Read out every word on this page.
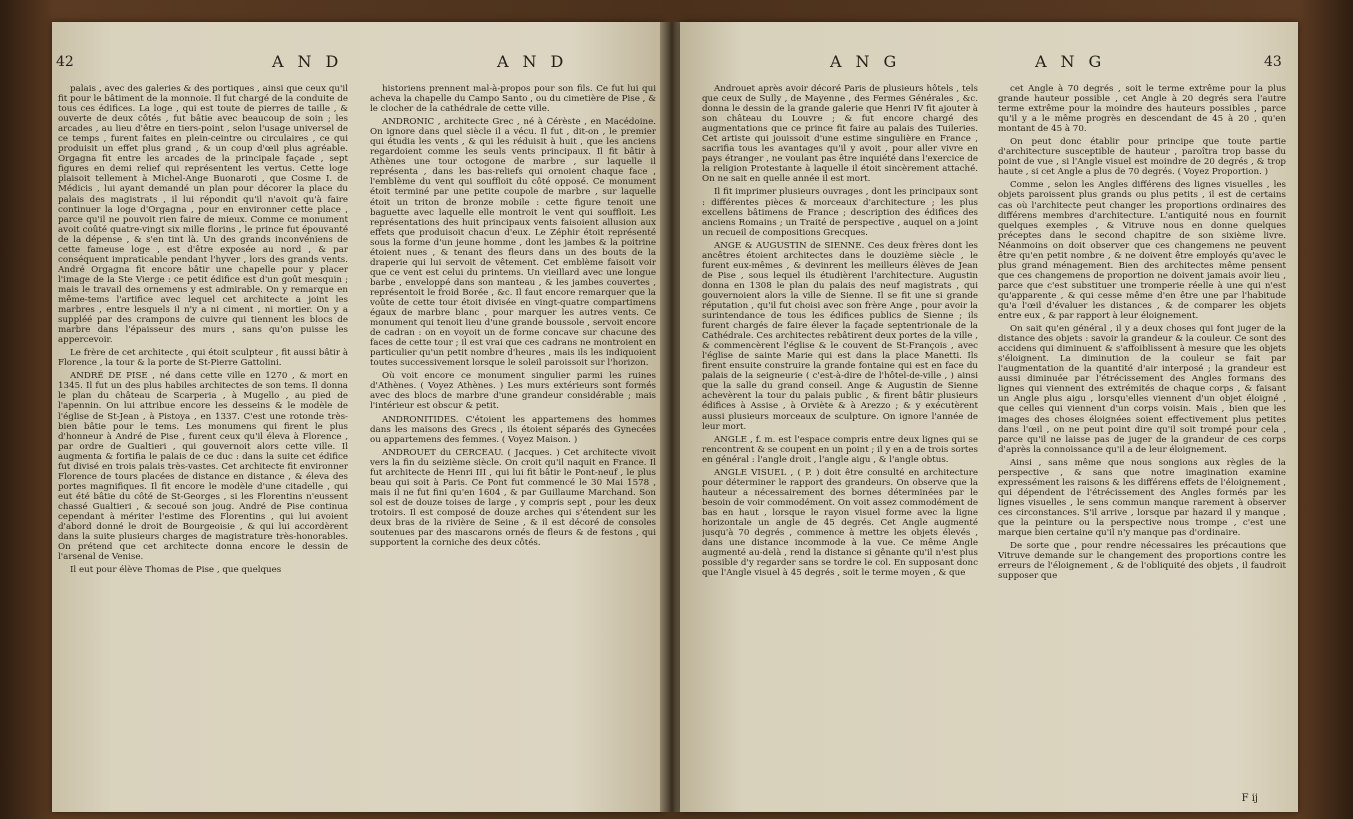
42	AND	AND

palais , avec des galeries & des portiques , ainsi que ceux qu'il fit pour le bâtiment de la monnoie. Il fut chargé de la conduite de tous ces édifices. La loge , qui est toute de pierres de taille , & ouverte de deux côtés , fut bâtie avec beaucoup de soin ; les arcades , au lieu d'être en tiers-point , selon l'usage universel de ce temps , furent faites en plein-ceintre ou circulaires , ce qui produisit un effet plus grand , & un coup d'œil plus agréable. Orgagna fit entre les arcades de la principale façade , sept figures en demi relief qui représentent les vertus. Cette loge plaisoit tellement à Michel-Ange Buonaroti , que Cosme I. de Médicis , lui ayant demandé un plan pour décorer la place du palais des magistrats , il lui répondit qu'il n'avoit qu'à faire continuer la loge d'Orgagna , pour en environner cette place , parce qu'il ne pouvoit rien faire de mieux. Comme ce monument avoit coûté quatre-vingt six mille florins , le prince fut épouvanté de la dépense , & s'en tint là. Un des grands inconvéniens de cette fameuse loge , est d'être exposée au nord , & par conséquent impraticable pendant l'hyver , lors des grands vents. André Orgagna fit encore bâtir une chapelle pour y placer l'image de la Ste Vierge : ce petit édifice est d'un goût mesquin ; mais le travail des ornemens y est admirable. On y remarque en même-tems l'artifice avec lequel cet architecte a joint les marbres , entre lesquels il n'y a ni ciment , ni mortier. On y a suppléé par des crampons de cuivre qui tiennent les blocs de marbre dans l'épaisseur des murs , sans qu'on puisse les appercevoir.

Le frère de cet architecte , qui étoit sculpteur , fit aussi bâtir à Florence , la tour & la porte de St-Pierre Gattolini.

ANDRÉ DE PISE , né dans cette ville en 1270 , & mort en 1345. Il fut un des plus habiles architectes de son tems. Il donna le plan du château de Scarperia , à Mugello , au pied de l'apennin. On lui attribue encore les desseins & le modèle de l'église de St-Jean , à Pistoya , en 1337. C'est une rotonde très-bien bâtie pour le tems. Les monumens qui firent le plus d'honneur à André de Pise , furent ceux qu'il éleva à Florence , par ordre de Gualtieri , qui gouvernoit alors cette ville. Il augmenta & fortifia le palais de ce duc : dans la suite cet édifice fut divisé en trois palais très-vastes. Cet architecte fit environner Florence de tours placées de distance en distance , & éleva des portes magnifiques. Il fit encore le modèle d'une citadelle , qui eut été bâtie du côté de St-Georges , si les Florentins n'eussent chassé Gualtieri , & secoué son joug. André de Pise continua cependant à mériter l'estime des Florentins , qui lui avoient d'abord donné le droit de Bourgeoisie , & qui lui accordèrent dans la suite plusieurs charges de magistrature très-honorables. On prétend que cet architecte donna encore le dessin de l'arsenal de Venise.

Il eut pour élève Thomas de Pise , que quelques

historiens prennent mal-à-propos pour son fils. Ce fut lui qui acheva la chapelle du Campo Santo , ou du cimetière de Pise , & le clocher de la cathédrale de cette ville.

ANDRONIC , architecte Grec , né à Cérèste , en Macédoine. On ignore dans quel siècle il a vécu. Il fut , dit-on , le premier qui étudia les vents , & qui les réduisit à huit , que les anciens regardoient comme les seuls vents principaux. Il fit bâtir à Athènes une tour octogone de marbre , sur laquelle il représenta , dans les bas-reliefs qui ornoient chaque face , l'emblème du vent qui souffloit du côté opposé. Ce monument étoit terminé par une petite coupole de marbre , sur laquelle étoit un triton de bronze mobile : cette figure tenoit une baguette avec laquelle elle montroit le vent qui souffloit. Les représentations des huit principaux vents faisoient allusion aux effets que produisoit chacun d'eux. Le Zéphir étoit représenté sous la forme d'un jeune homme , dont les jambes & la poitrine étoient nues , & tenant des fleurs dans un des bouts de la draperie qui lui servoit de vêtement. Cet emblème faisoit voir que ce vent est celui du printems. Un vieillard avec une longue barbe , enveloppé dans son manteau , & les jambes couvertes , représentoit le froid Borée , &c. Il faut encore remarquer que la voûte de cette tour étoit divisée en vingt-quatre compartimens égaux de marbre blanc , pour marquer les autres vents. Ce monument qui tenoit lieu d'une grande boussole , servoit encore de cadran : on en voyoit un de forme concave sur chacune des faces de cette tour ; il est vrai que ces cadrans ne montroient en particulier qu'un petit nombre d'heures , mais ils les indiquoient toutes successivement lorsque le soleil paroissoit sur l'horizon.

Où voit encore ce monument singulier parmi les ruines d'Athènes. ( Voyez Athènes. ) Les murs extérieurs sont formés avec des blocs de marbre d'une grandeur considérable ; mais l'intérieur est obscur & petit.

ANDRONITIDES. C'étoient les appartemens des hommes dans les maisons des Grecs , ils étoient séparés des Gynecées ou appartemens des femmes. ( Voyez Maison. )

ANDROUET du CERCEAU. ( Jacques. ) Cet architecte vivoit vers la fin du seizième siècle. On croit qu'il naquit en France. Il fut architecte de Henri III , qui lui fit bâtir le Pont-neuf , le plus beau qui soit à Paris. Ce Pont fut commencé le 30 Mai 1578 , mais il ne fut fini qu'en 1604 , & par Guillaume Marchand. Son sol est de douze toises de large , y compris sept , pour les deux trotoirs. Il est composé de douze arches qui s'étendent sur les deux bras de la rivière de Seine , & il est décoré de consoles soutenues par des mascarons ornés de fleurs & de festons , qui supportent la corniche des deux côtés.

ANG	ANG	43

Androuet après avoir décoré Paris de plusieurs hôtels , tels que ceux de Sully , de Mayenne , des Fermes Générales , &c. donna le dessin de la grande galerie que Henri IV fit ajouter à son château du Louvre ; & fut encore chargé des augmentations que ce prince fit faire au palais des Tuileries. Cet artiste qui jouissoit d'une estime singulière en France , sacrifia tous les avantages qu'il y avoit , pour aller vivre en pays étranger , ne voulant pas être inquiété dans l'exercice de la religion Protestante à laquelle il étoit sincèrement attaché. On ne sait en quelle année il est mort.

Il fit imprimer plusieurs ouvrages , dont les principaux sont : différentes pièces & morceaux d'architecture ; les plus excellens bâtimens de France ; description des édifices des anciens Romains ; un Traité de perspective , auquel on a joint un recueil de compositions Grecques.

ANGE & AUGUSTIN de SIENNE. Ces deux frères dont les ancêtres étoient architectes dans le douzième siècle , le furent eux-mêmes , & devinrent les meilleurs élèves de Jean de Pise , sous lequel ils étudièrent l'architecture. Augustin donna en 1308 le plan du palais des neuf magistrats , qui gouvernoient alors la ville de Sienne. Il se fit une si grande réputation , qu'il fut choisi avec son frère Ange , pour avoir la surintendance de tous les édifices publics de Sienne ; ils furent chargés de faire élever la façade septentrionale de la Cathédrale. Ces architectes rebâtirent deux portes de la ville , & commencèrent l'église & le couvent de St-François , avec l'église de sainte Marie qui est dans la place Manetti. Ils firent ensuite construire la grande fontaine qui est en face du palais de la seigneurie ( c'est-à-dire de l'hôtel-de-ville , ) ainsi que la salle du grand conseil. Ange & Augustin de Sienne achevèrent la tour du palais public , & firent bâtir plusieurs édifices à Assise , à Orviète & à Arezzo ; & y exécutèrent aussi plusieurs morceaux de sculpture. On ignore l'année de leur mort.

ANGLE , f. m. est l'espace compris entre deux lignes qui se rencontrent & se coupent en un point ; il y en a de trois sortes en général : l'angle droit , l'angle aigu , & l'angle obtus.

ANGLE VISUEL , ( P. ) doit être consulté en architecture pour déterminer le rapport des grandeurs. On observe que la hauteur a nécessairement des bornes déterminées par le besoin de voir commodément. On voit assez commodément de bas en haut , lorsque le rayon visuel forme avec la ligne horizontale un angle de 45 degrés. Cet Angle augmenté jusqu'à 70 degrés , commence à mettre les objets élevés , dans une distance incommode à la vue. Ce même Angle augmenté au-delà , rend la distance si gênante qu'il n'est plus possible d'y regarder sans se tordre le col. En supposant donc que l'Angle visuel à 45 degrés , soit le terme moyen , & que

cet Angle à 70 degrés , soit le terme extrême pour la plus grande hauteur possible , cet Angle à 20 degrés sera l'autre terme extrême pour la moindre des hauteurs possibles , parce qu'il y a le même progrès en descendant de 45 à 20 , qu'en montant de 45 à 70.

On peut donc établir pour principe que toute partie d'architecture susceptible de hauteur , paroîtra trop basse du point de vue , si l'Angle visuel est moindre de 20 degrés , & trop haute , si cet Angle a plus de 70 degrés. ( Voyez Proportion. )

Comme , selon les Angles différens des lignes visuelles , les objets paroissent plus grands ou plus petits , il est de certains cas où l'architecte peut changer les proportions ordinaires des différens membres d'architecture. L'antiquité nous en fournit quelques exemples , & Vitruve nous en donne quelques préceptes dans le second chapitre de son sixième livre. Néanmoins on doit observer que ces changemens ne peuvent être qu'en petit nombre , & ne doivent être employés qu'avec le plus grand ménagement. Bien des architectes même pensent que ces changemens de proportion ne doivent jamais avoir lieu , parce que c'est substituer une tromperie réelle à une qui n'est qu'apparente , & qui cesse même d'en être une par l'habitude qu'a l'œil d'évaluer les distances , & de comparer les objets entre eux , & par rapport à leur éloignement.

On sait qu'en général , il y a deux choses qui font juger de la distance des objets : savoir la grandeur & la couleur. Ce sont des accidens qui diminuent & s'affoiblissent à mesure que les objets s'éloignent. La diminution de la couleur se fait par l'augmentation de la quantité d'air interposé ; la grandeur est aussi diminuée par l'étrécissement des Angles formans des lignes qui viennent des extrémités de chaque corps , & faisant un Angle plus aigu , lorsqu'elles viennent d'un objet éloigné , que celles qui viennent d'un corps voisin. Mais , bien que les images des choses éloignées soient effectivement plus petites dans l'œil , on ne peut point dire qu'il soit trompé pour cela , parce qu'il ne laisse pas de juger de la grandeur de ces corps d'après la connoissance qu'il a de leur éloignement.

Ainsi , sans même que nous songions aux règles de la perspective , & sans que notre imagination examine expressément les raisons & les différens effets de l'éloignement , qui dépendent de l'étrécissement des Angles formés par les lignes visuelles , le sens commun manque rarement à observer ces circonstances. S'il arrive , lorsque par hazard il y manque , que la peinture ou la perspective nous trompe , c'est une marque bien certaine qu'il n'y manque pas d'ordinaire.

De sorte que , pour rendre nécessaires les précautions que Vitruve demande sur le changement des proportions contre les erreurs de l'éloignement , & de l'obliquité des objets , il faudroit supposer que

F ij
